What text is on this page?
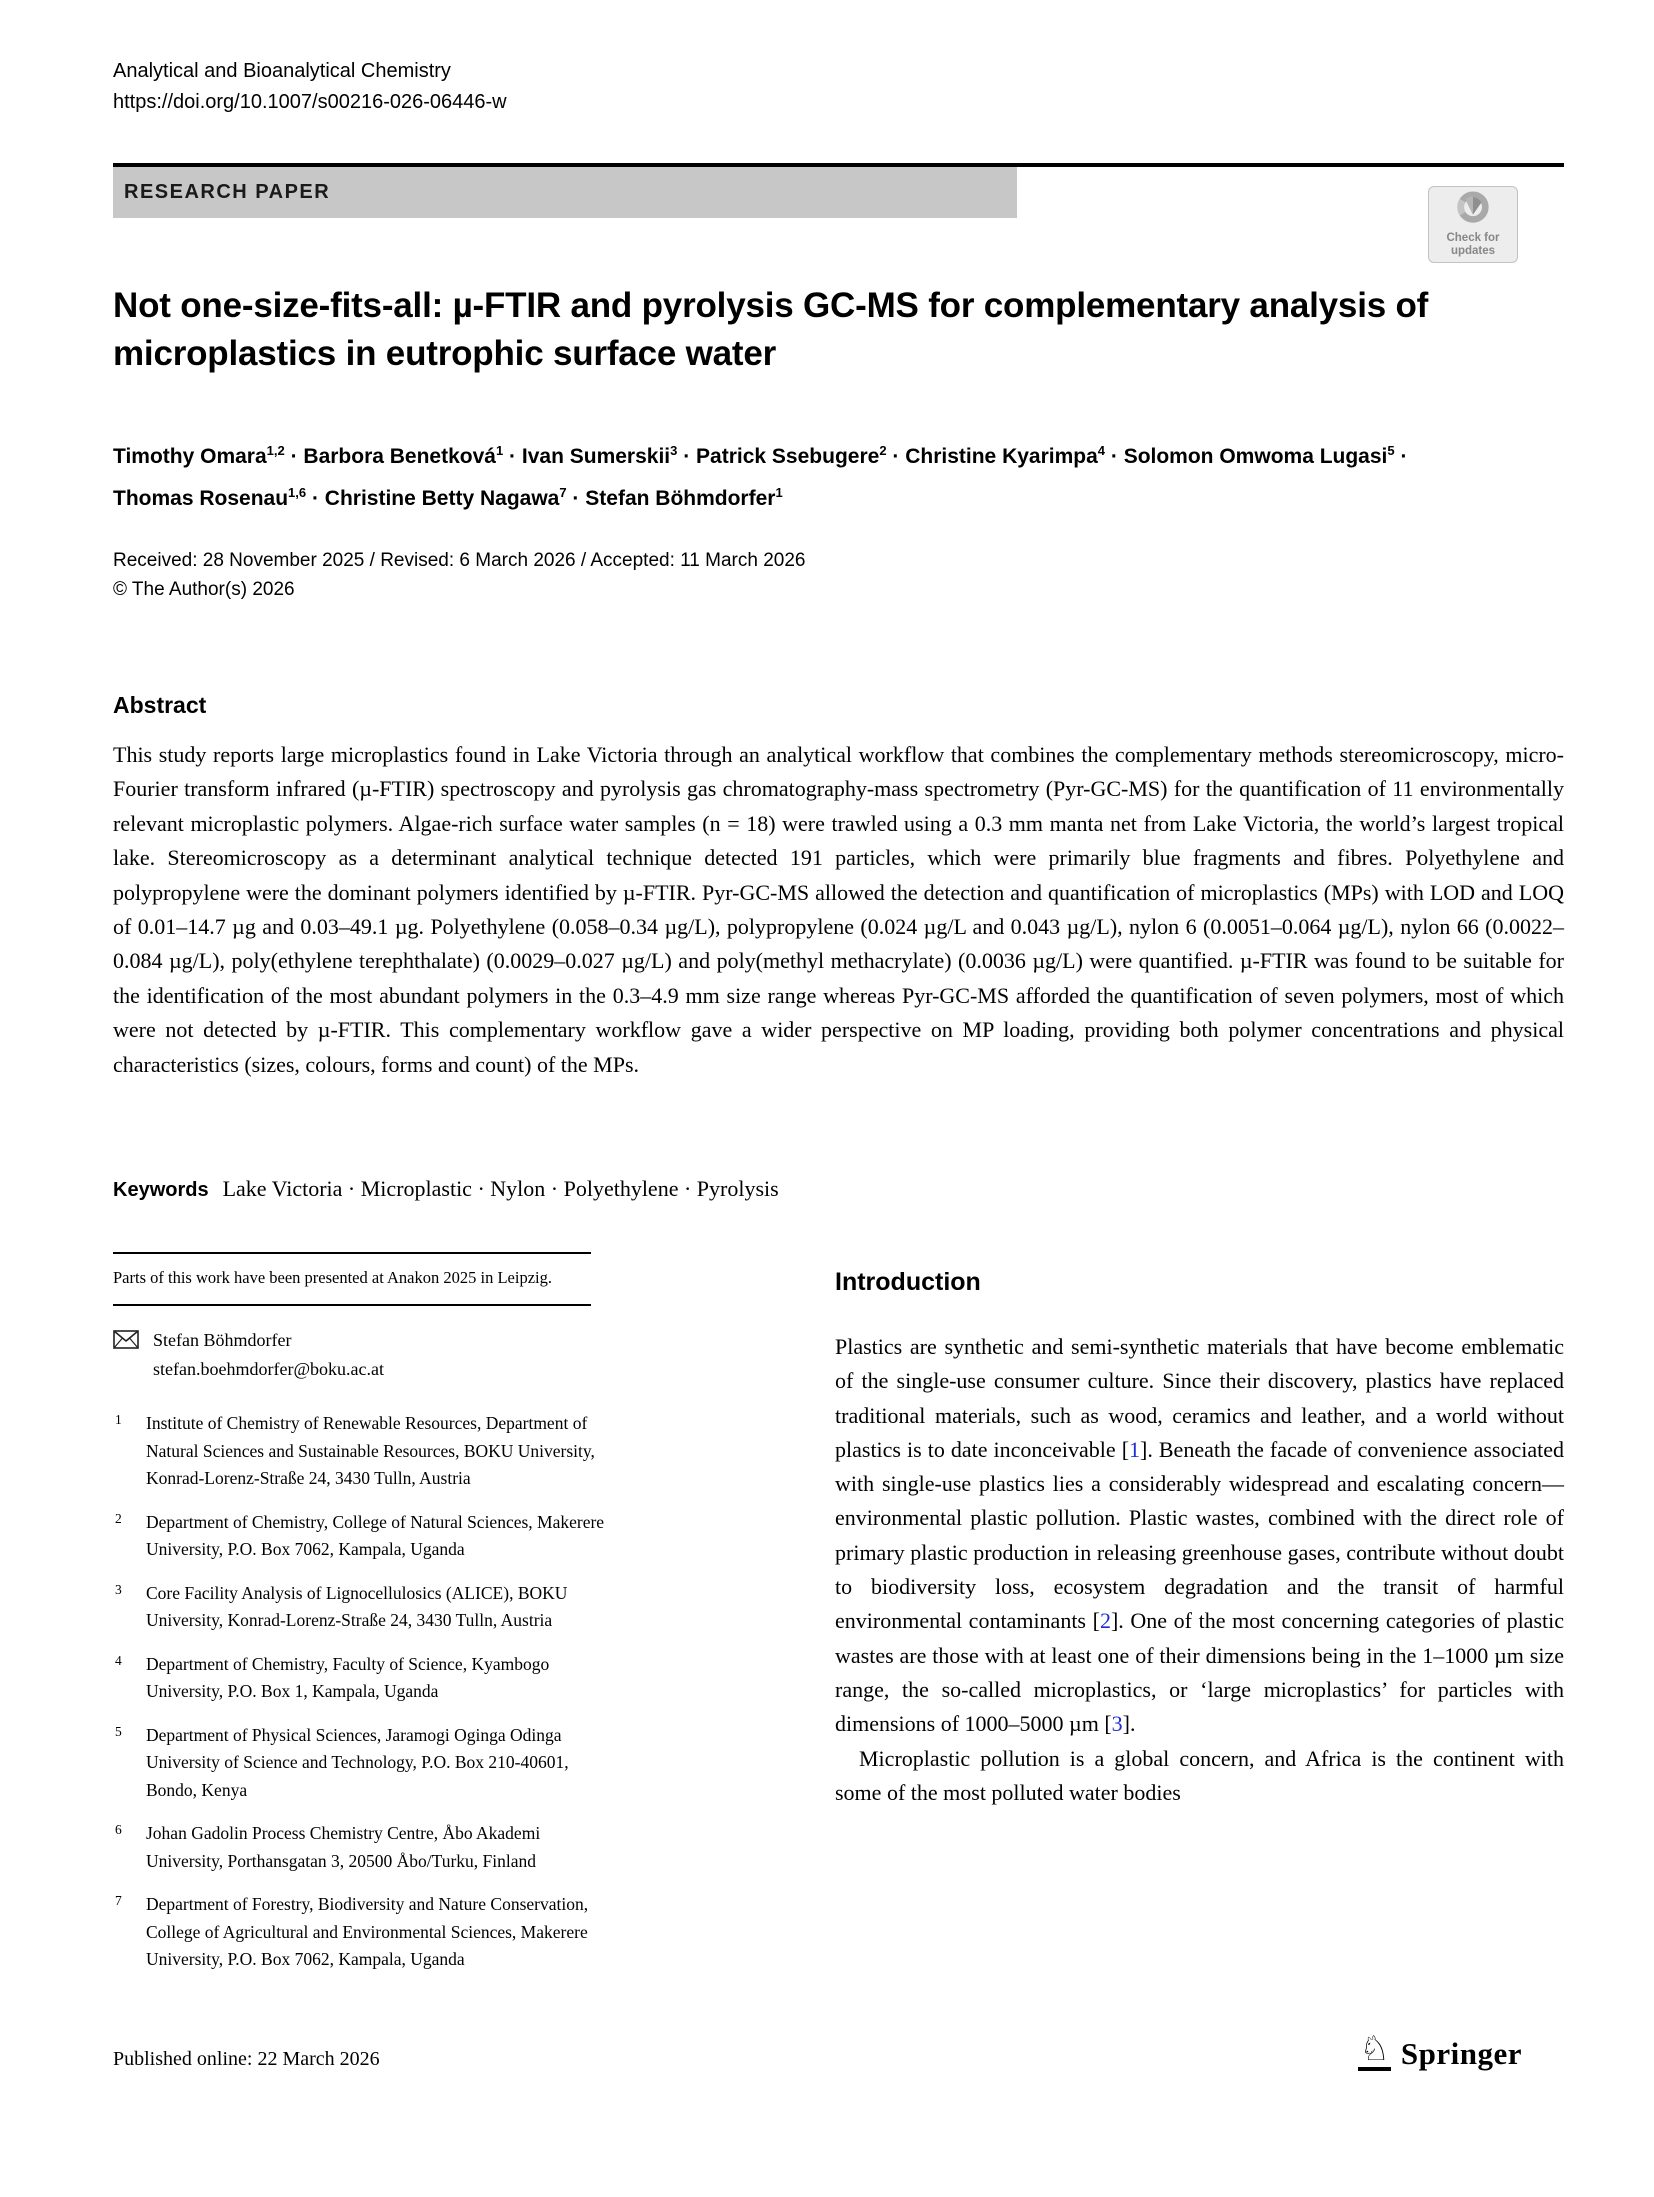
Analytical and Bioanalytical Chemistry
https://doi.org/10.1007/s00216-026-06446-w
RESEARCH PAPER
Check for
updates
Not one-size-fits-all: µ-FTIR and pyrolysis GC-MS for complementary analysis of microplastics in eutrophic surface water
Timothy Omara$^{1,2}$ · Barbora Benetková$^1$ · Ivan Sumerskii$^3$ · Patrick Ssebugere$^2$ · Christine Kyarimpa$^4$ · Solomon Omwoma Lugasi$^5$ · Thomas Rosenau$^{1,6}$ · Christine Betty Nagawa$^7$ · Stefan Böhmdorfer$^1$
Received: 28 November 2025 / Revised: 6 March 2026 / Accepted: 11 March 2026
© The Author(s) 2026
Abstract
This study reports large microplastics found in Lake Victoria through an analytical workflow that combines the complementary methods stereomicroscopy, micro-Fourier transform infrared (µ-FTIR) spectroscopy and pyrolysis gas chromatography-mass spectrometry (Pyr-GC-MS) for the quantification of 11 environmentally relevant microplastic polymers. Algae-rich surface water samples (n = 18) were trawled using a 0.3 mm manta net from Lake Victoria, the world’s largest tropical lake. Stereomicroscopy as a determinant analytical technique detected 191 particles, which were primarily blue fragments and fibres. Polyethylene and polypropylene were the dominant polymers identified by µ-FTIR. Pyr-GC-MS allowed the detection and quantification of microplastics (MPs) with LOD and LOQ of 0.01–14.7 µg and 0.03–49.1 µg. Polyethylene (0.058–0.34 µg/L), polypropylene (0.024 µg/L and 0.043 µg/L), nylon 6 (0.0051–0.064 µg/L), nylon 66 (0.0022–0.084 µg/L), poly(ethylene terephthalate) (0.0029–0.027 µg/L) and poly(methyl methacrylate) (0.0036 µg/L) were quantified. µ-FTIR was found to be suitable for the identification of the most abundant polymers in the 0.3–4.9 mm size range whereas Pyr-GC-MS afforded the quantification of seven polymers, most of which were not detected by µ-FTIR. This complementary workflow gave a wider perspective on MP loading, providing both polymer concentrations and physical characteristics (sizes, colours, forms and count) of the MPs.
Keywords Lake Victoria · Microplastic · Nylon · Polyethylene · Pyrolysis
Parts of this work have been presented at Anakon 2025 in Leipzig.
Stefan Böhmdorfer
stefan.boehmdorfer@boku.ac.at
1 Institute of Chemistry of Renewable Resources, Department of Natural Sciences and Sustainable Resources, BOKU University, Konrad-Lorenz-Straße 24, 3430 Tulln, Austria
2 Department of Chemistry, College of Natural Sciences, Makerere University, P.O. Box 7062, Kampala, Uganda
3 Core Facility Analysis of Lignocellulosics (ALICE), BOKU University, Konrad-Lorenz-Straße 24, 3430 Tulln, Austria
4 Department of Chemistry, Faculty of Science, Kyambogo University, P.O. Box 1, Kampala, Uganda
5 Department of Physical Sciences, Jaramogi Oginga Odinga University of Science and Technology, P.O. Box 210-40601, Bondo, Kenya
6 Johan Gadolin Process Chemistry Centre, Åbo Akademi University, Porthansgatan 3, 20500 Åbo/Turku, Finland
7 Department of Forestry, Biodiversity and Nature Conservation, College of Agricultural and Environmental Sciences, Makerere University, P.O. Box 7062, Kampala, Uganda
Introduction

Plastics are synthetic and semi-synthetic materials that have become emblematic of the single-use consumer culture. Since their discovery, plastics have replaced traditional materials, such as wood, ceramics and leather, and a world without plastics is to date inconceivable [1]. Beneath the facade of convenience associated with single-use plastics lies a considerably widespread and escalating concern—environmental plastic pollution. Plastic wastes, combined with the direct role of primary plastic production in releasing greenhouse gases, contribute without doubt to biodiversity loss, ecosystem degradation and the transit of harmful environmental contaminants [2]. One of the most concerning categories of plastic wastes are those with at least one of their dimensions being in the 1–1000 µm size range, the so-called microplastics, or ‘large microplastics’ for particles with dimensions of 1000–5000 µm [3].

Microplastic pollution is a global concern, and Africa is the continent with some of the most polluted water bodies

Published online: 22 March 2026	♘ Springer
